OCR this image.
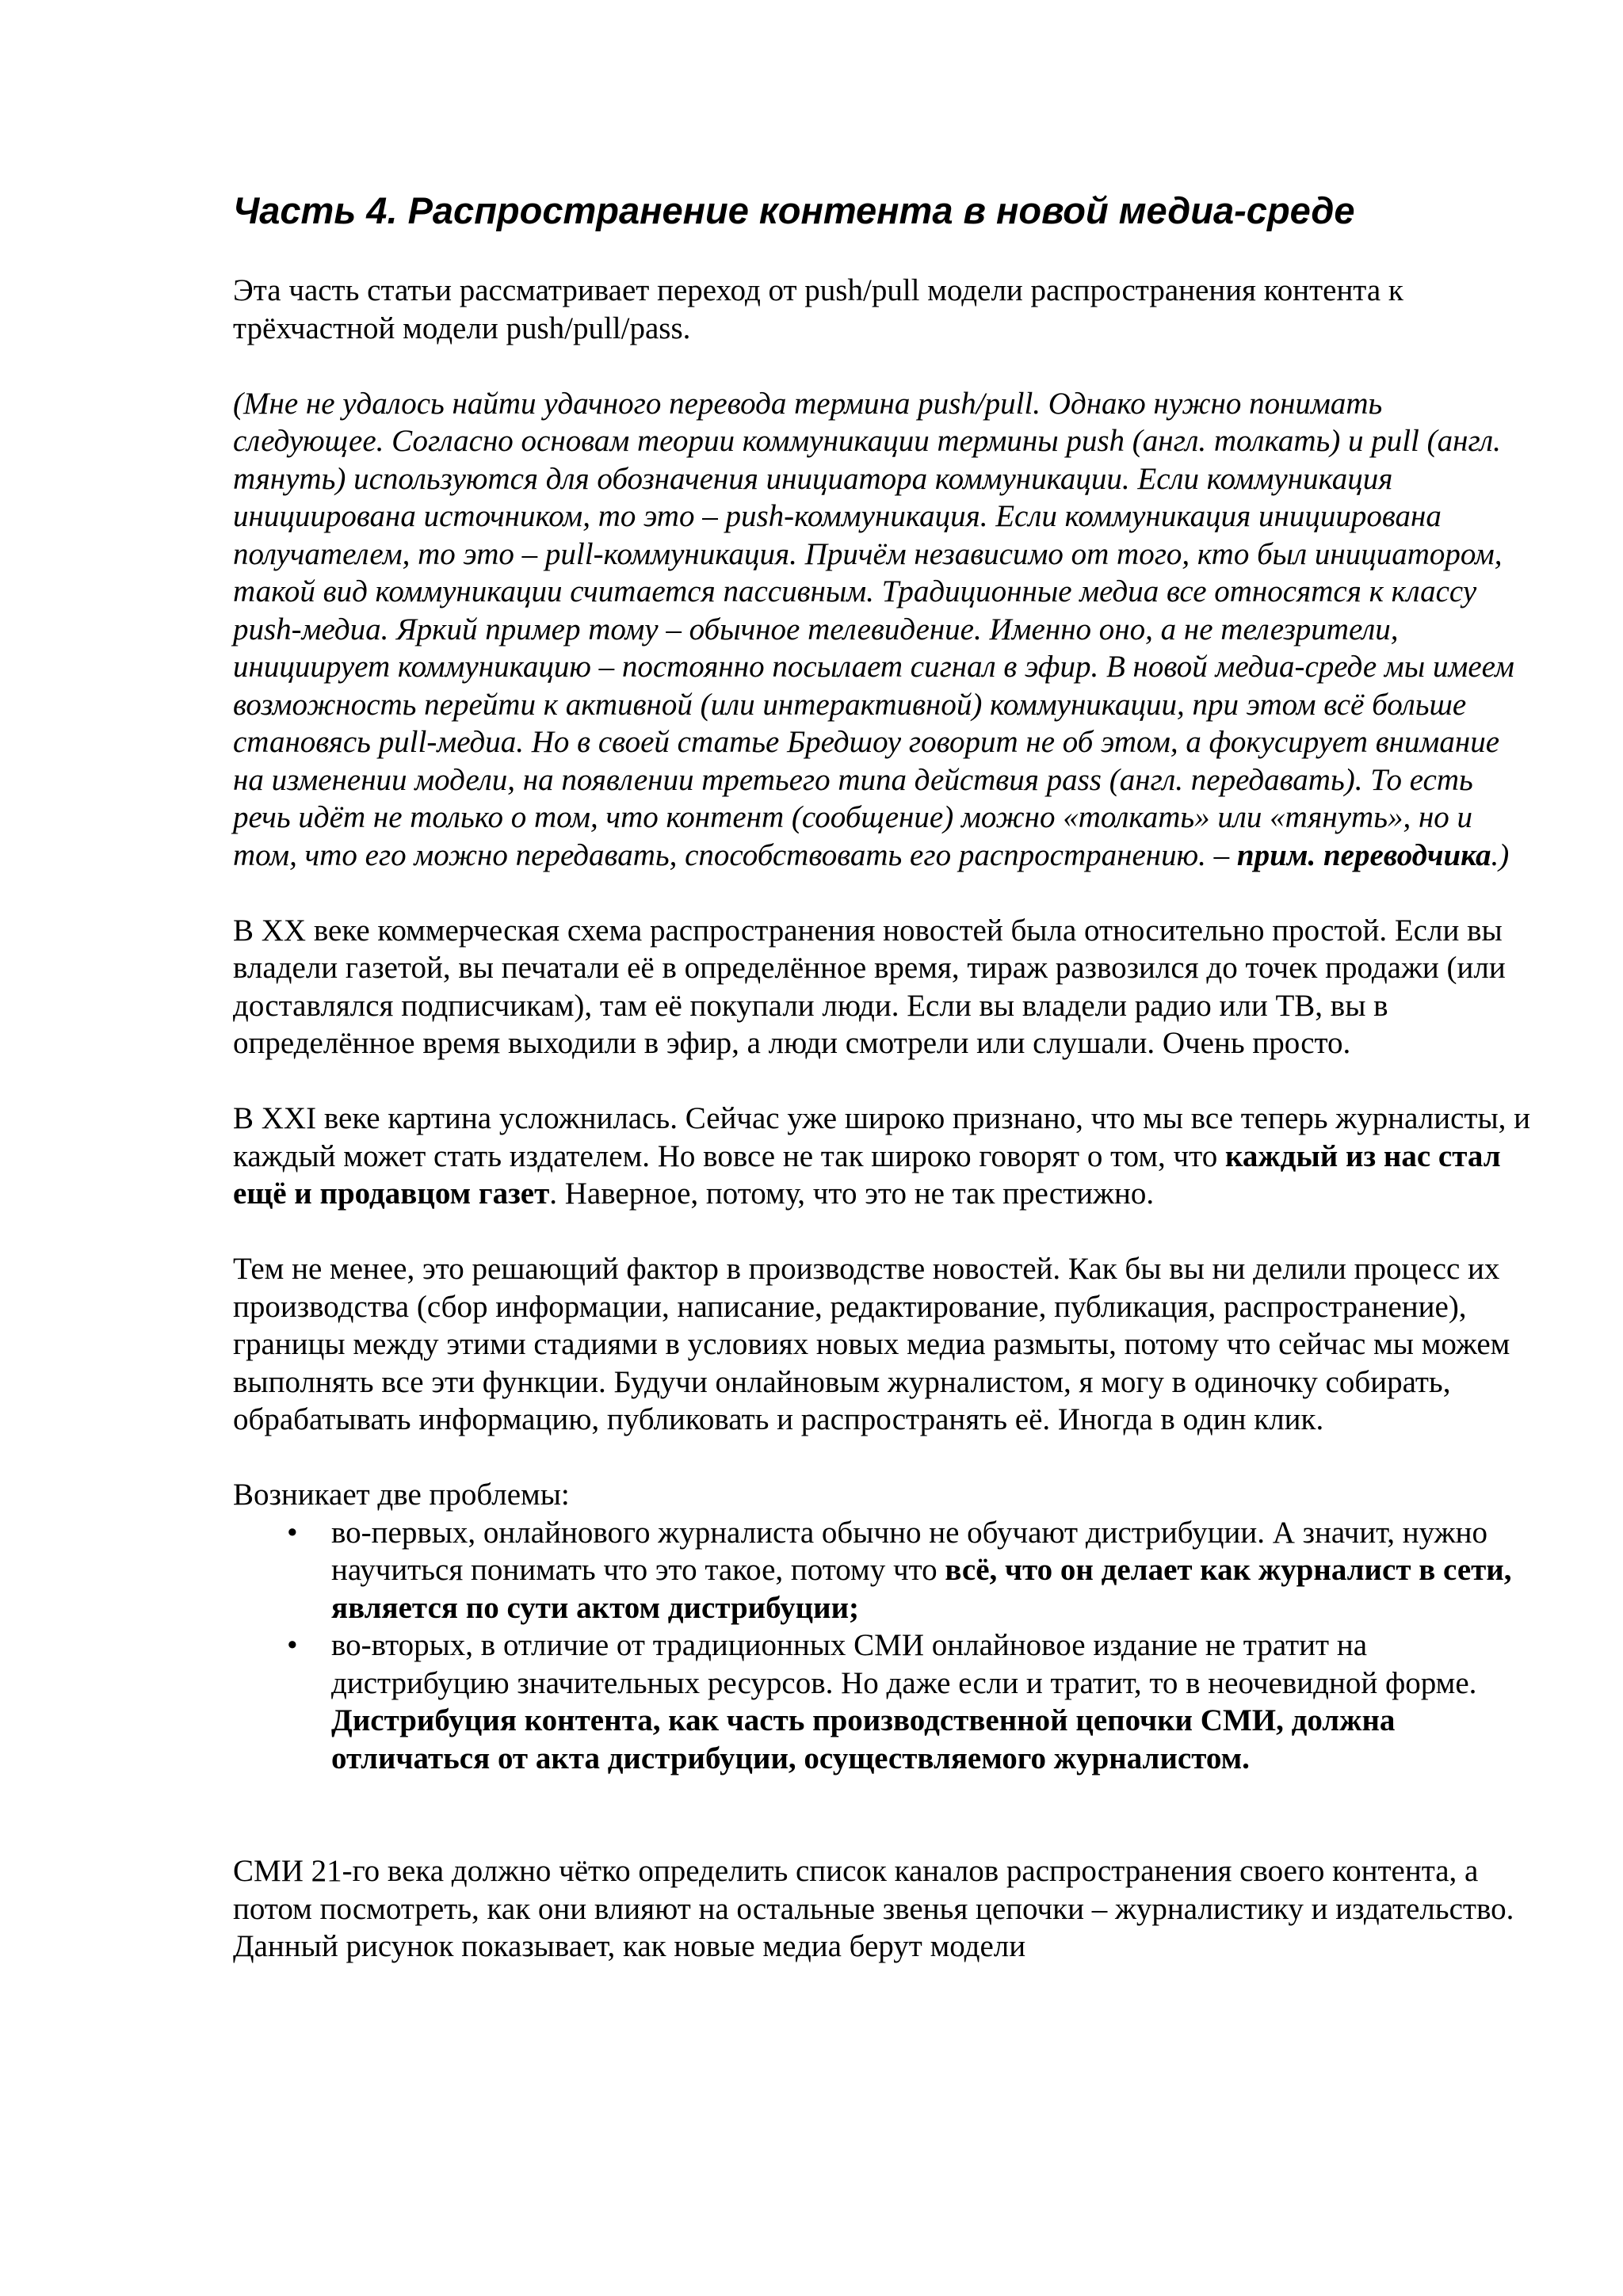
Часть 4. Распространение контента в новой медиа-среде

Эта часть статьи рассматривает переход от push/pull модели распространения контента к трёхчастной модели push/pull/pass.

(Мне не удалось найти удачного перевода термина push/pull. Однако нужно понимать следующее. Согласно основам теории коммуникации термины push (англ. толкать) и pull (англ. тянуть) используются для обозначения инициатора коммуникации. Если коммуникация инициирована источником, то это – push-коммуникация. Если коммуникация инициирована получателем, то это – pull-коммуникация. Причём независимо от того, кто был инициатором, такой вид коммуникации считается пассивным. Традиционные медиа все относятся к классу push-медиа. Яркий пример тому – обычное телевидение. Именно оно, а не телезрители, инициирует коммуникацию – постоянно посылает сигнал в эфир. В новой медиа-среде мы имеем возможность перейти к активной (или интерактивной) коммуникации, при этом всё больше становясь pull-медиа. Но в своей статье Бредшоу говорит не об этом, а фокусирует внимание на изменении модели, на появлении третьего типа действия pass (англ. передавать). То есть речь идёт не только о том, что контент (сообщение) можно «толкать» или «тянуть», но и том, что его можно передавать, способствовать его распространению. – прим. переводчика.)

В XX веке коммерческая схема распространения новостей была относительно простой. Если вы владели газетой, вы печатали её в определённое время, тираж развозился до точек продажи (или доставлялся подписчикам), там её покупали люди. Если вы владели радио или ТВ, вы в определённое время выходили в эфир, а люди смотрели или слушали. Очень просто.

В XXI веке картина усложнилась. Сейчас уже широко признано, что мы все теперь журналисты, и каждый может стать издателем. Но вовсе не так широко говорят о том, что каждый из нас стал ещё и продавцом газет. Наверное, потому, что это не так престижно.

Тем не менее, это решающий фактор в производстве новостей. Как бы вы ни делили процесс их производства (сбор информации, написание, редактирование, публикация, распространение), границы между этими стадиями в условиях новых медиа размыты, потому что сейчас мы можем выполнять все эти функции. Будучи онлайновым журналистом, я могу в одиночку собирать, обрабатывать информацию, публиковать и распространять её. Иногда в один клик.

Возникает две проблемы:
• во-первых, онлайнового журналиста обычно не обучают дистрибуции. А значит, нужно научиться понимать что это такое, потому что всё, что он делает как журналист в сети, является по сути актом дистрибуции;
• во-вторых, в отличие от традиционных СМИ онлайновое издание не тратит на дистрибуцию значительных ресурсов. Но даже если и тратит, то в неочевидной форме. Дистрибуция контента, как часть производственной цепочки СМИ, должна отличаться от акта дистрибуции, осуществляемого журналистом.

СМИ 21-го века должно чётко определить список каналов распространения своего контента, а потом посмотреть, как они влияют на остальные звенья цепочки – журналистику и издательство. Данный рисунок показывает, как новые медиа берут модели
